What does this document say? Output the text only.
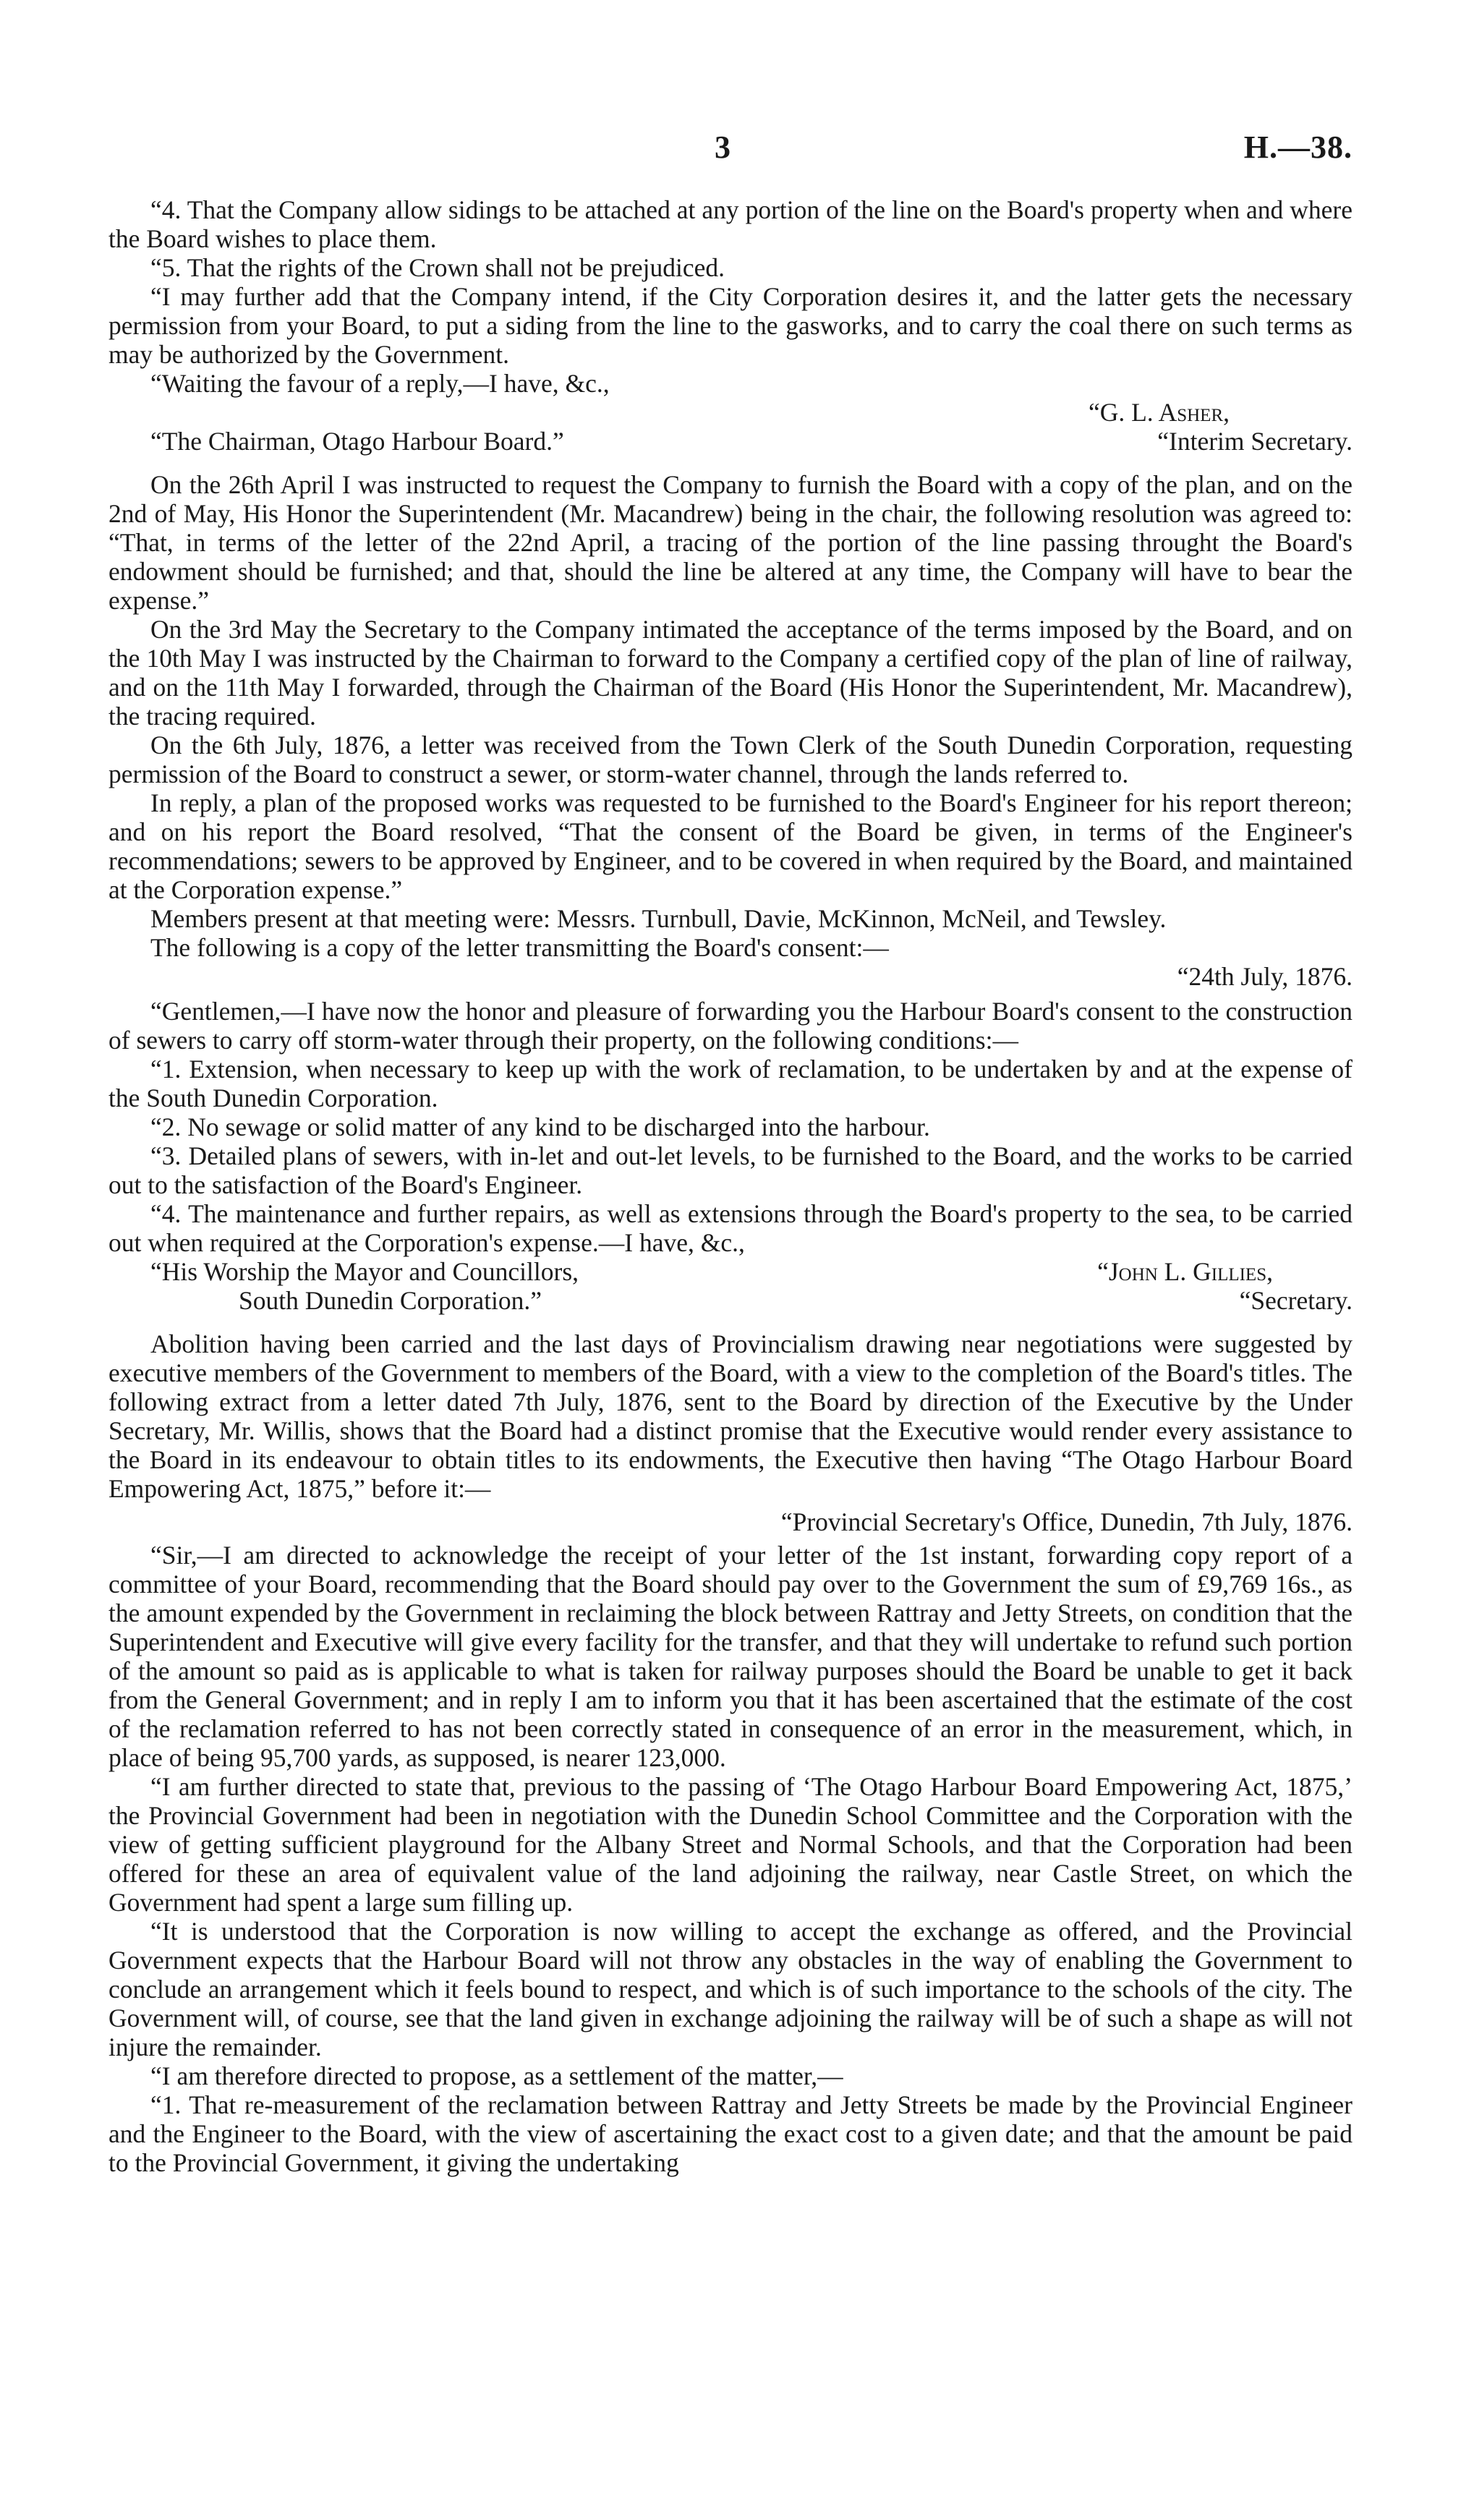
3	H.—38.

“4. That the Company allow sidings to be attached at any portion of the line on the Board's property when and where the Board wishes to place them.

“5. That the rights of the Crown shall not be prejudiced.

“I may further add that the Company intend, if the City Corporation desires it, and the latter gets the necessary permission from your Board, to put a siding from the line to the gasworks, and to carry the coal there on such terms as may be authorized by the Government.

“Waiting the favour of a reply,—I have, &c.,

“G. L. Asher,

“The Chairman, Otago Harbour Board.”	“Interim Secretary.

On the 26th April I was instructed to request the Company to furnish the Board with a copy of the plan, and on the 2nd of May, His Honor the Superintendent (Mr. Macandrew) being in the chair, the following resolution was agreed to: “That, in terms of the letter of the 22nd April, a tracing of the portion of the line passing throught the Board's endowment should be furnished; and that, should the line be altered at any time, the Company will have to bear the expense.”

On the 3rd May the Secretary to the Company intimated the acceptance of the terms imposed by the Board, and on the 10th May I was instructed by the Chairman to forward to the Company a certified copy of the plan of line of railway, and on the 11th May I forwarded, through the Chairman of the Board (His Honor the Superintendent, Mr. Macandrew), the tracing required.

On the 6th July, 1876, a letter was received from the Town Clerk of the South Dunedin Corporation, requesting permission of the Board to construct a sewer, or storm-water channel, through the lands referred to.

In reply, a plan of the proposed works was requested to be furnished to the Board's Engineer for his report thereon; and on his report the Board resolved, “That the consent of the Board be given, in terms of the Engineer's recommendations; sewers to be approved by Engineer, and to be covered in when required by the Board, and maintained at the Corporation expense.”

Members present at that meeting were: Messrs. Turnbull, Davie, McKinnon, McNeil, and Tewsley.

The following is a copy of the letter transmitting the Board's consent:—

“24th July, 1876.

“Gentlemen,—I have now the honor and pleasure of forwarding you the Harbour Board's consent to the construction of sewers to carry off storm-water through their property, on the following conditions:—

“1. Extension, when necessary to keep up with the work of reclamation, to be undertaken by and at the expense of the South Dunedin Corporation.

“2. No sewage or solid matter of any kind to be discharged into the harbour.

“3. Detailed plans of sewers, with in-let and out-let levels, to be furnished to the Board, and the works to be carried out to the satisfaction of the Board's Engineer.

“4. The maintenance and further repairs, as well as extensions through the Board's property to the sea, to be carried out when required at the Corporation's expense.—I have, &c.,

“His Worship the Mayor and Councillors,	“John L. Gillies,
South Dunedin Corporation.”	“Secretary.

Abolition having been carried and the last days of Provincialism drawing near negotiations were suggested by executive members of the Government to members of the Board, with a view to the completion of the Board's titles. The following extract from a letter dated 7th July, 1876, sent to the Board by direction of the Executive by the Under Secretary, Mr. Willis, shows that the Board had a distinct promise that the Executive would render every assistance to the Board in its endeavour to obtain titles to its endowments, the Executive then having “The Otago Harbour Board Empowering Act, 1875,” before it:—

“Provincial Secretary's Office, Dunedin, 7th July, 1876.

“Sir,—I am directed to acknowledge the receipt of your letter of the 1st instant, forwarding copy report of a committee of your Board, recommending that the Board should pay over to the Government the sum of £9,769 16s., as the amount expended by the Government in reclaiming the block between Rattray and Jetty Streets, on condition that the Superintendent and Executive will give every facility for the transfer, and that they will undertake to refund such portion of the amount so paid as is applicable to what is taken for railway purposes should the Board be unable to get it back from the General Government; and in reply I am to inform you that it has been ascertained that the estimate of the cost of the reclamation referred to has not been correctly stated in consequence of an error in the measurement, which, in place of being 95,700 yards, as supposed, is nearer 123,000.

“I am further directed to state that, previous to the passing of ‘The Otago Harbour Board Empowering Act, 1875,’ the Provincial Government had been in negotiation with the Dunedin School Committee and the Corporation with the view of getting sufficient playground for the Albany Street and Normal Schools, and that the Corporation had been offered for these an area of equivalent value of the land adjoining the railway, near Castle Street, on which the Government had spent a large sum filling up.

“It is understood that the Corporation is now willing to accept the exchange as offered, and the Provincial Government expects that the Harbour Board will not throw any obstacles in the way of enabling the Government to conclude an arrangement which it feels bound to respect, and which is of such importance to the schools of the city. The Government will, of course, see that the land given in exchange adjoining the railway will be of such a shape as will not injure the remainder.

“I am therefore directed to propose, as a settlement of the matter,—

“1. That re-measurement of the reclamation between Rattray and Jetty Streets be made by the Provincial Engineer and the Engineer to the Board, with the view of ascertaining the exact cost to a given date; and that the amount be paid to the Provincial Government, it giving the undertaking
